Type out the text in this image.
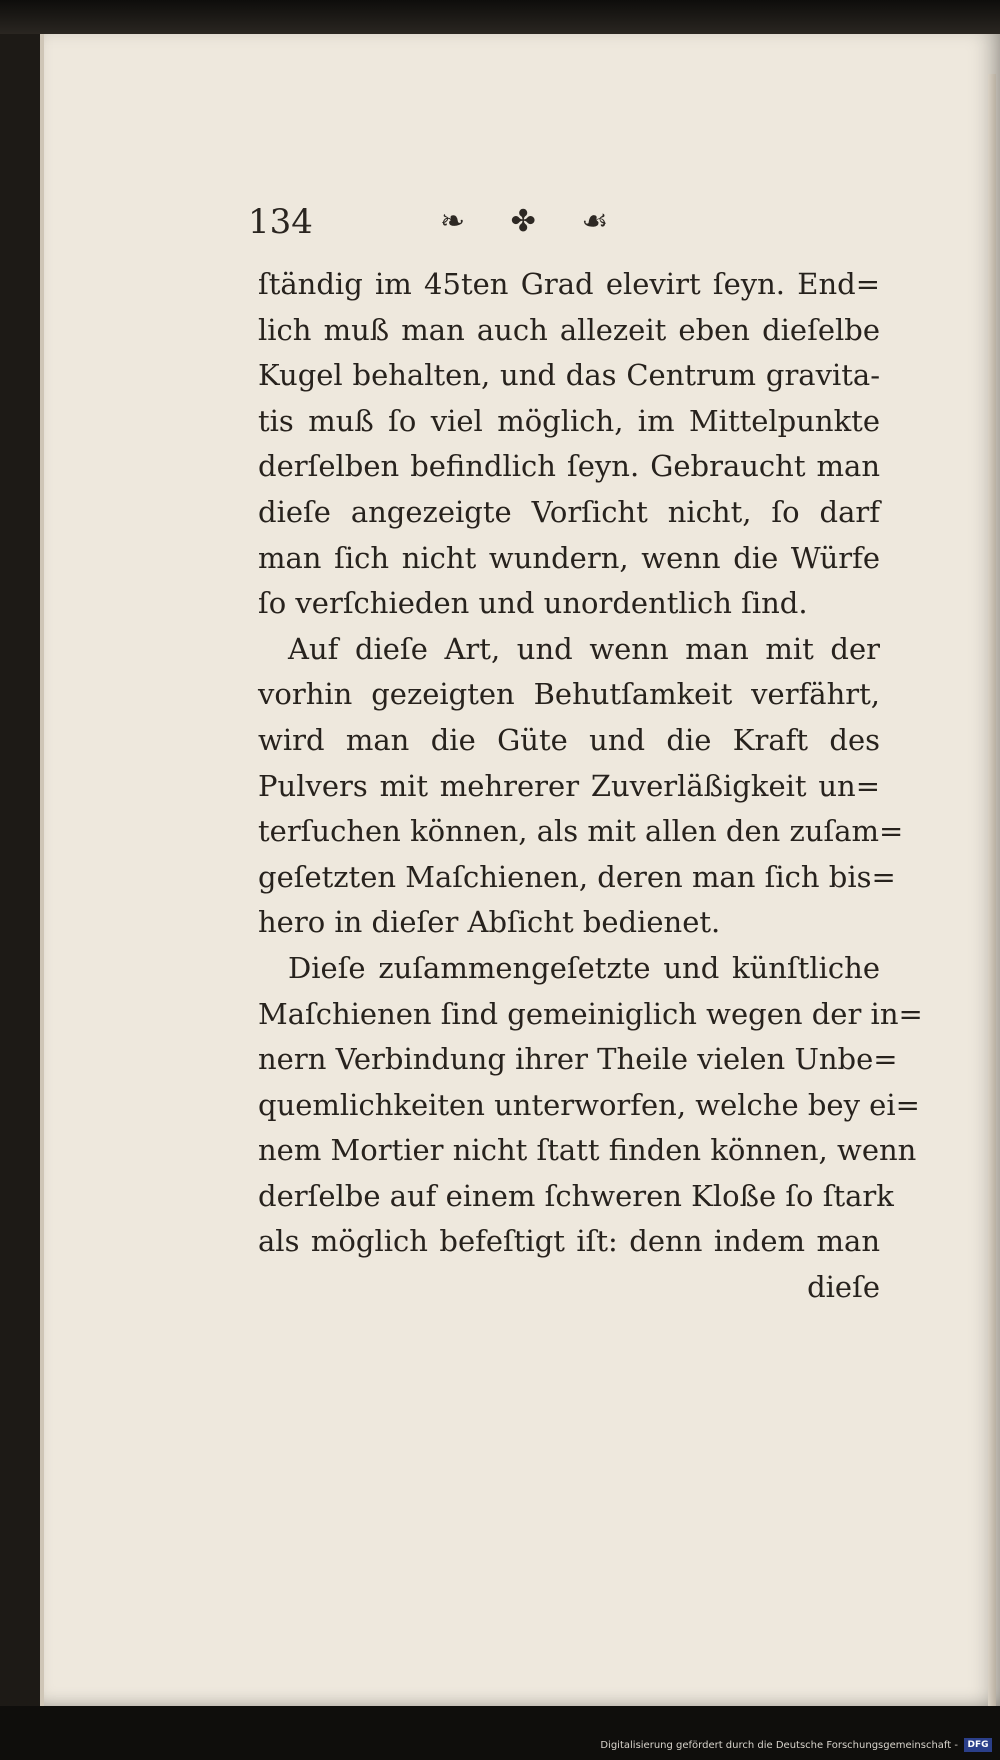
134	❧ ✤ ☙
ſtändig im 45ten Grad elevirt ſeyn. End=
lich muß man auch allezeit eben dieſelbe
Kugel behalten, und das Centrum gravita-
tis muß ſo viel möglich, im Mittelpunkte
derſelben befindlich ſeyn. Gebraucht man
dieſe angezeigte Vorſicht nicht, ſo darf
man ſich nicht wundern, wenn die Würfe
ſo verſchieden und unordentlich ſind.
Auf dieſe Art, und wenn man mit der
vorhin gezeigten Behutſamkeit verfährt,
wird man die Güte und die Kraft des
Pulvers mit mehrerer Zuverläßigkeit un=
terſuchen können, als mit allen den zuſam=
geſetzten Maſchienen, deren man ſich bis=
hero in dieſer Abſicht bedienet.
Dieſe zuſammengeſetzte und künſtliche
Maſchienen ſind gemeiniglich wegen der in=
nern Verbindung ihrer Theile vielen Unbe=
quemlichkeiten unterworfen, welche bey ei=
nem Mortier nicht ſtatt finden können, wenn
derſelbe auf einem ſchweren Kloße ſo ſtark
als möglich befeſtigt iſt: denn indem man
dieſe
Digitalisierung gefördert durch die Deutsche Forschungsgemeinschaft -	DFG
